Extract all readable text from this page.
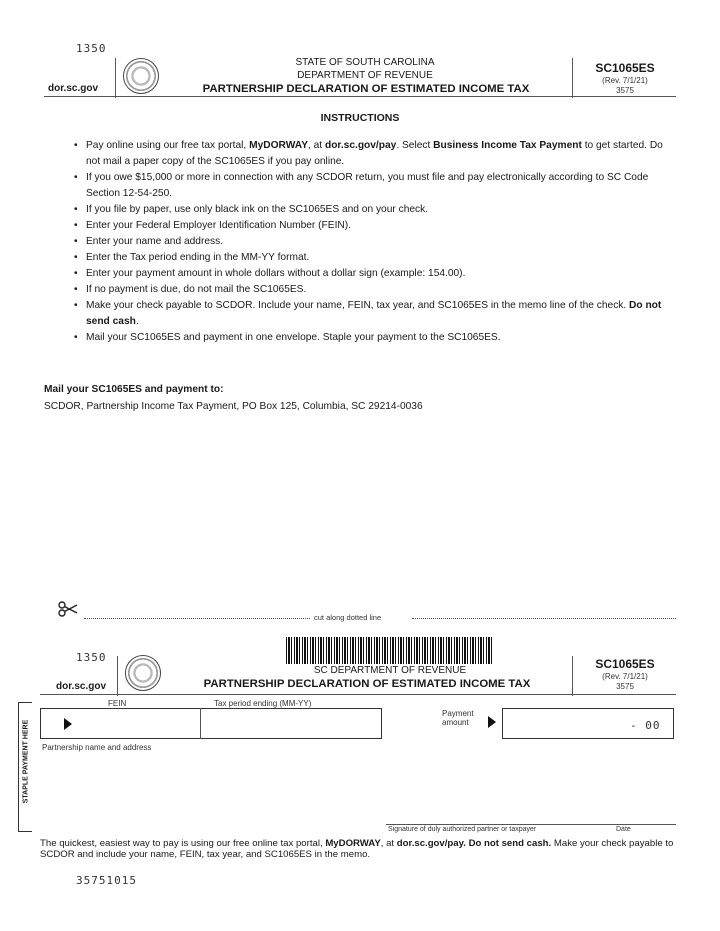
1350
dor.sc.gov
STATE OF SOUTH CAROLINA
DEPARTMENT OF REVENUE
PARTNERSHIP DECLARATION OF ESTIMATED INCOME TAX
SC1065ES
(Rev. 7/1/21)
3575
INSTRUCTIONS
• Pay online using our free tax portal, MyDORWAY, at dor.sc.gov/pay. Select Business Income Tax Payment to get started. Do not mail a paper copy of the SC1065ES if you pay online.
• If you owe $15,000 or more in connection with any SCDOR return, you must file and pay electronically according to SC Code Section 12-54-250.
• If you file by paper, use only black ink on the SC1065ES and on your check.
• Enter your Federal Employer Identification Number (FEIN).
• Enter your name and address.
• Enter the Tax period ending in the MM-YY format.
• Enter your payment amount in whole dollars without a dollar sign (example: 154.00).
• If no payment is due, do not mail the SC1065ES.
• Make your check payable to SCDOR. Include your name, FEIN, tax year, and SC1065ES in the memo line of the check. Do not send cash.
• Mail your SC1065ES and payment in one envelope. Staple your payment to the SC1065ES.
Mail your SC1065ES and payment to:
SCDOR, Partnership Income Tax Payment, PO Box 125, Columbia, SC 29214-0036
cut along dotted line
1350
dor.sc.gov
SC DEPARTMENT OF REVENUE
PARTNERSHIP DECLARATION OF ESTIMATED INCOME TAX
SC1065ES
(Rev. 7/1/21)
3575
STAPLE PAYMENT HERE
FEIN	Tax period ending (MM-YY)
Payment
amount	- 00
Partnership name and address
Signature of duly authorized partner or taxpayer	Date
The quickest, easiest way to pay is using our free online tax portal, MyDORWAY, at dor.sc.gov/pay. Do not send cash. Make your check payable to SCDOR and include your name, FEIN, tax year, and SC1065ES in the memo.
35751015
